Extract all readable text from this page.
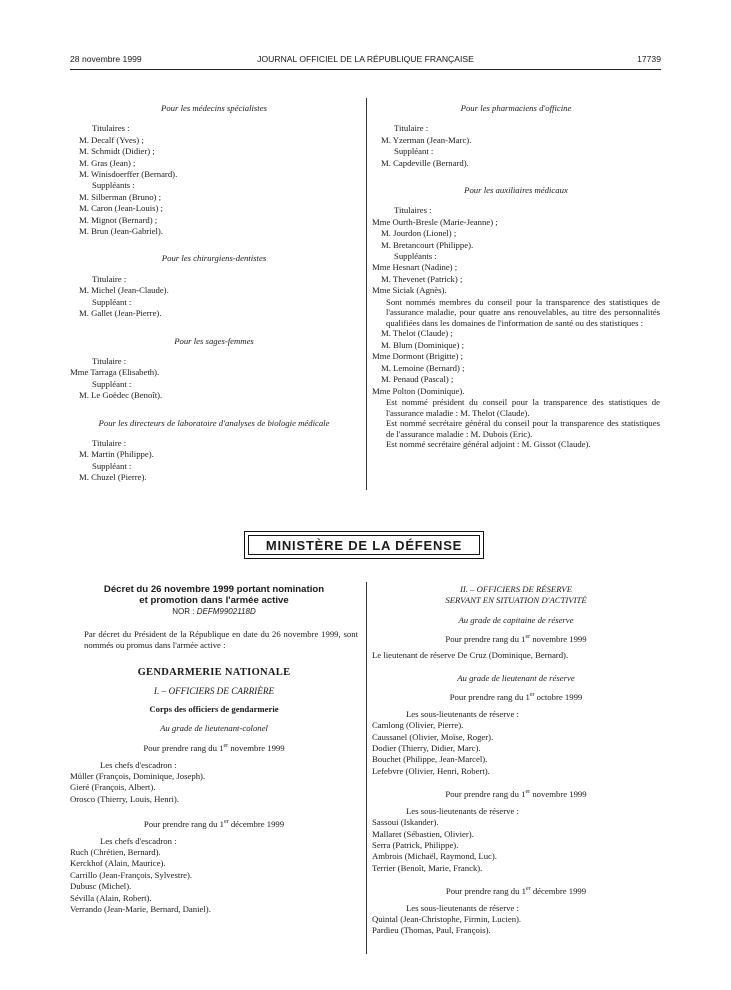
28 novembre 1999	JOURNAL OFFICIEL DE LA RÉPUBLIQUE FRANÇAISE	17739
Pour les médecins spécialistes
Titulaires :
M. Decalf (Yves) ;
M. Schmidt (Didier) ;
M. Gras (Jean) ;
M. Winisdoerffer (Bernard).
Suppléants :
M. Silberman (Bruno) ;
M. Caron (Jean-Louis) ;
M. Mignot (Bernard) ;
M. Brun (Jean-Gabriel).
Pour les chirurgiens-dentistes
Titulaire :
M. Michel (Jean-Claude).
Suppléant :
M. Gallet (Jean-Pierre).
Pour les sages-femmes
Titulaire :
Mme Tarraga (Elisabeth).
Suppléant :
M. Le Goëdec (Benoît).
Pour les directeurs de laboratoire d'analyses de biologie médicale
Titulaire :
M. Martin (Philippe).
Suppléant :
M. Chuzel (Pierre).
Pour les pharmaciens d'officine
Titulaire :
M. Yzerman (Jean-Marc).
Suppléant :
M. Capdeville (Bernard).
Pour les auxiliaires médicaux
Titulaires :
Mme Ourth-Bresle (Marie-Jeanne) ;
M. Jourdon (Lionel) ;
M. Bretancourt (Philippe).
Suppléants :
Mme Hesnart (Nadine) ;
M. Thevenet (Patrick) ;
Mme Siciak (Agnès).
Sont nommés membres du conseil pour la transparence des statistiques de l'assurance maladie, pour quatre ans renouvelables, au titre des personnalités qualifiées dans les domaines de l'information de santé ou des statistiques :
M. Thelot (Claude) ;
M. Blum (Dominique) ;
Mme Dormont (Brigitte) ;
M. Lemoine (Bernard) ;
M. Penaud (Pascal) ;
Mme Polton (Dominique).
Est nommé président du conseil pour la transparence des statistiques de l'assurance maladie : M. Thelot (Claude).
Est nommé secrétaire général du conseil pour la transparence des statistiques de l'assurance maladie : M. Dubois (Eric).
Est nommé secrétaire général adjoint : M. Gissot (Claude).
MINISTÈRE DE LA DÉFENSE
Décret du 26 novembre 1999 portant nomination
et promotion dans l'armée active
NOR : DEFM9902118D
Par décret du Président de la République en date du 26 novembre 1999, sont nommés ou promus dans l'armée active :
GENDARMERIE NATIONALE
I. – OFFICIERS DE CARRIÈRE
Corps des officiers de gendarmerie
Au grade de lieutenant-colonel
Pour prendre rang du 1er novembre 1999
Les chefs d'escadron :
Müller (François, Dominique, Joseph).
Gieré (François, Albert).
Orosco (Thierry, Louis, Henri).
Pour prendre rang du 1er décembre 1999
Les chefs d'escadron :
Ruch (Chrétien, Bernard).
Kerckhof (Alain, Maurice).
Carrillo (Jean-François, Sylvestre).
Dubusc (Michel).
Sévilla (Alain, Robert).
Verrando (Jean-Marie, Bernard, Daniel).
II. – OFFICIERS DE RÉSERVE
SERVANT EN SITUATION D'ACTIVITÉ
Au grade de capitaine de réserve
Pour prendre rang du 1er novembre 1999
Le lieutenant de réserve De Cruz (Dominique, Bernard).
Au grade de lieutenant de réserve
Pour prendre rang du 1er octobre 1999
Les sous-lieutenants de réserve :
Camlong (Olivier, Pierre).
Caussanel (Olivier, Moïse, Roger).
Dodier (Thierry, Didier, Marc).
Bouchet (Philippe, Jean-Marcel).
Lefebvre (Olivier, Henri, Robert).
Pour prendre rang du 1er novembre 1999
Les sous-lieutenants de réserve :
Sassoui (Iskander).
Mallaret (Sébastien, Olivier).
Serra (Patrick, Philippe).
Ambrois (Michaël, Raymond, Luc).
Terrier (Benoît, Marie, Franck).
Pour prendre rang du 1er décembre 1999
Les sous-lieutenants de réserve :
Quintal (Jean-Christophe, Firmin, Lucien).
Pardieu (Thomas, Paul, François).
